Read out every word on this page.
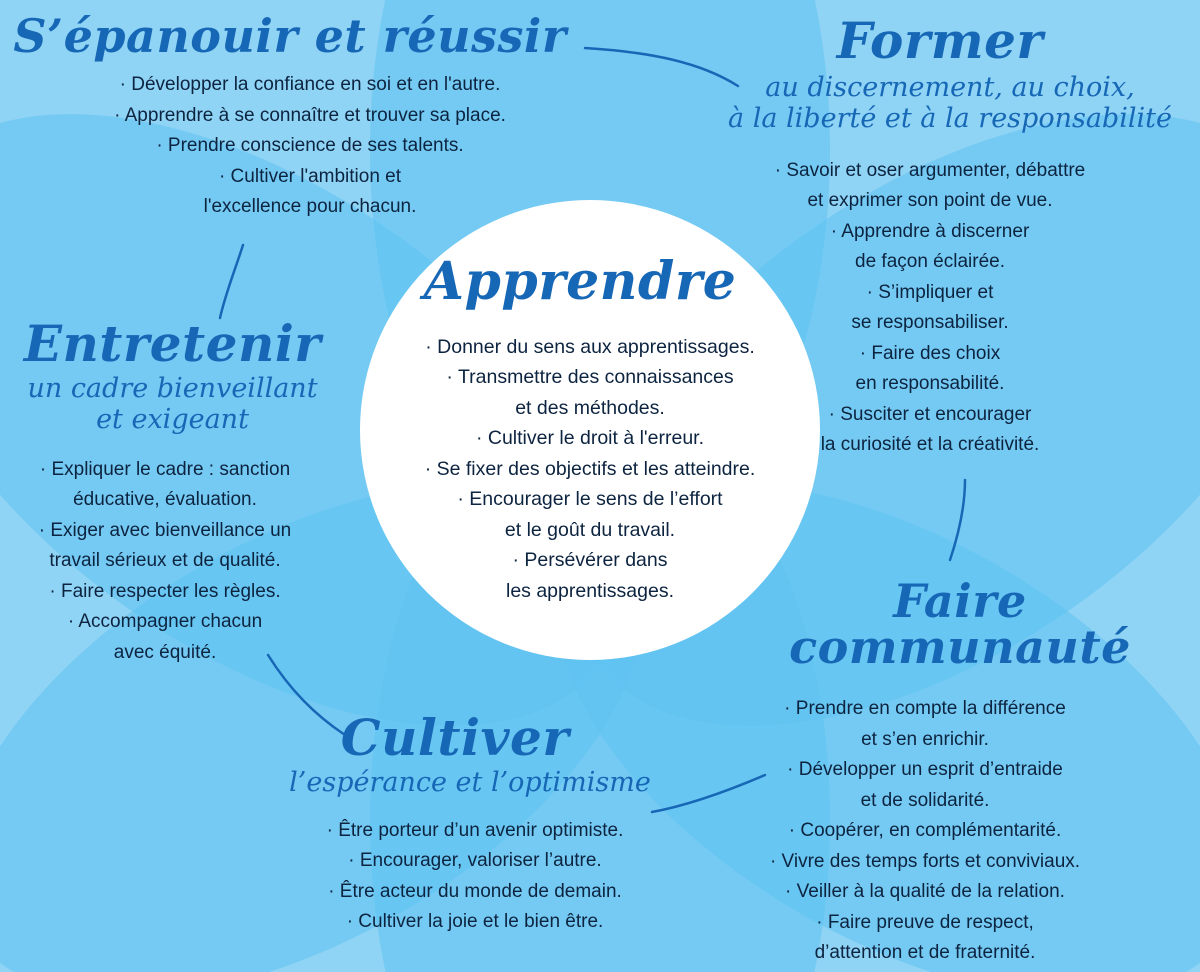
S’épanouir et réussir
· Développer la confiance en soi et en l'autre.
· Apprendre à se connaître et trouver sa place.
· Prendre conscience de ses talents.
· Cultiver l'ambition et
l'excellence pour chacun.
Former
au discernement, au choix,
à la liberté et à la responsabilité
· Savoir et oser argumenter, débattre
et exprimer son point de vue.
· Apprendre à discerner
de façon éclairée.
· S’impliquer et
se responsabiliser.
· Faire des choix
en responsabilité.
· Susciter et encourager
la curiosité et la créativité.
Apprendre
· Donner du sens aux apprentissages.
· Transmettre des connaissances
et des méthodes.
· Cultiver le droit à l'erreur.
· Se fixer des objectifs et les atteindre.
· Encourager le sens de l’effort
et le goût du travail.
· Persévérer dans
les apprentissages.
Entretenir
un cadre bienveillant
et exigeant
· Expliquer le cadre : sanction
éducative, évaluation.
· Exiger avec bienveillance un
travail sérieux et de qualité.
· Faire respecter les règles.
· Accompagner chacun
avec équité.
Cultiver
l’espérance et l’optimisme
· Être porteur d’un avenir optimiste.
· Encourager, valoriser l’autre.
· Être acteur du monde de demain.
· Cultiver la joie et le bien être.
Faire
communauté
· Prendre en compte la différence
et s’en enrichir.
· Développer un esprit d’entraide
et de solidarité.
· Coopérer, en complémentarité.
· Vivre des temps forts et conviviaux.
· Veiller à la qualité de la relation.
· Faire preuve de respect,
d’attention et de fraternité.
